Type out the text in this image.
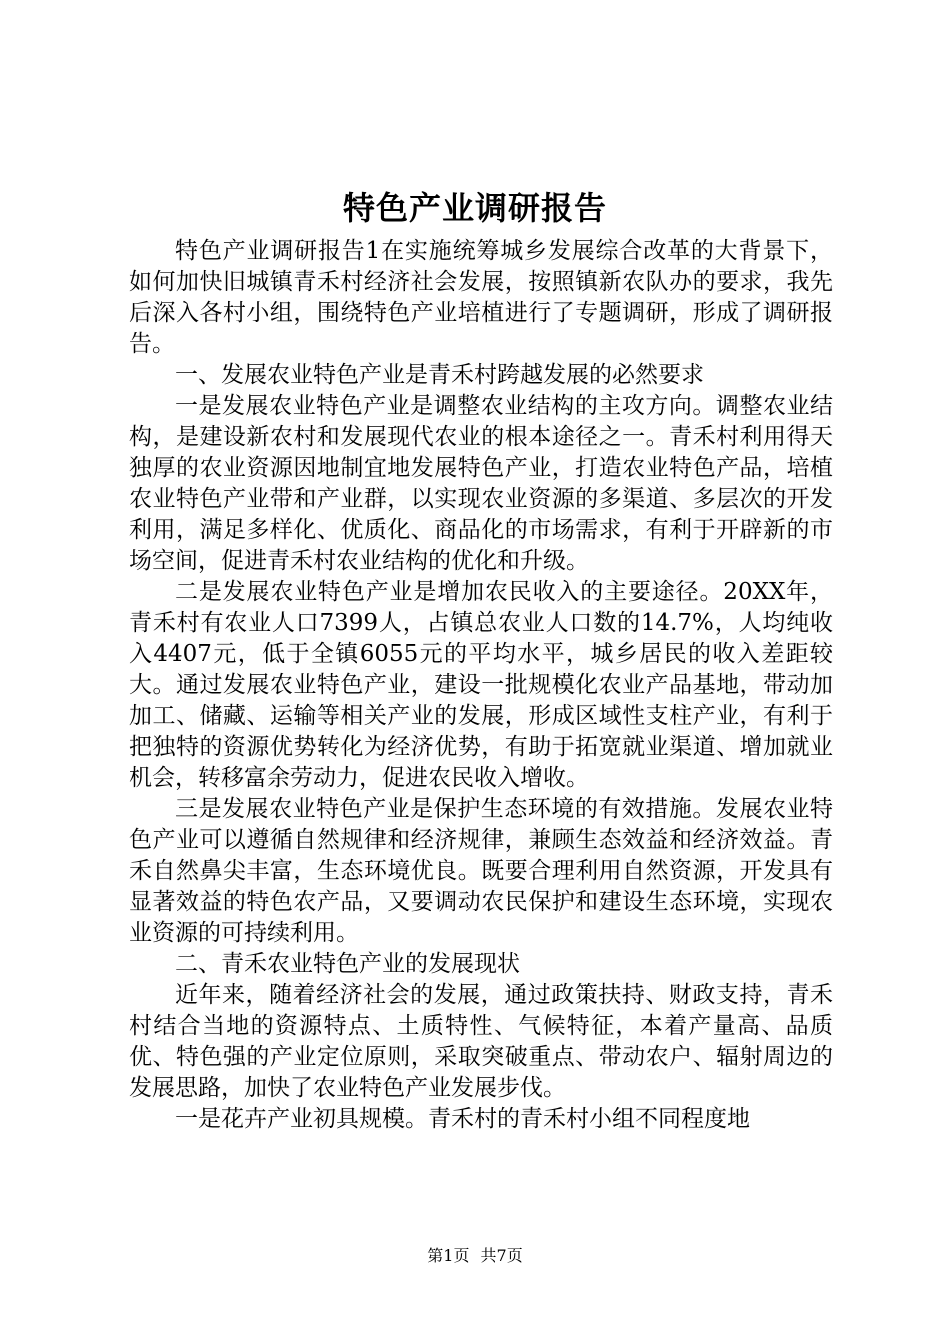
特色产业调研报告

特色产业调研报告1在实施统筹城乡发展综合改革的大背景下，如何加快旧城镇青禾村经济社会发展，按照镇新农队办的要求，我先后深入各村小组，围绕特色产业培植进行了专题调研，形成了调研报告。

一、发展农业特色产业是青禾村跨越发展的必然要求

一是发展农业特色产业是调整农业结构的主攻方向。调整农业结构，是建设新农村和发展现代农业的根本途径之一。青禾村利用得天独厚的农业资源因地制宜地发展特色产业，打造农业特色产品，培植农业特色产业带和产业群，以实现农业资源的多渠道、多层次的开发利用，满足多样化、优质化、商品化的市场需求，有利于开辟新的市场空间，促进青禾村农业结构的优化和升级。

二是发展农业特色产业是增加农民收入的主要途径。20XX年，青禾村有农业人口7399人，占镇总农业人口数的14.7%，人均纯收入4407元，低于全镇6055元的平均水平，城乡居民的收入差距较大。通过发展农业特色产业，建设一批规模化农业产品基地，带动加加工、储藏、运输等相关产业的发展，形成区域性支柱产业，有利于把独特的资源优势转化为经济优势，有助于拓宽就业渠道、增加就业机会，转移富余劳动力，促进农民收入增收。

三是发展农业特色产业是保护生态环境的有效措施。发展农业特色产业可以遵循自然规律和经济规律，兼顾生态效益和经济效益。青禾自然鼻尖丰富，生态环境优良。既要合理利用自然资源，开发具有显著效益的特色农产品，又要调动农民保护和建设生态环境，实现农业资源的可持续利用。

二、青禾农业特色产业的发展现状

近年来，随着经济社会的发展，通过政策扶持、财政支持，青禾村结合当地的资源特点、土质特性、气候特征，本着产量高、品质优、特色强的产业定位原则，采取突破重点、带动农户、辐射周边的发展思路，加快了农业特色产业发展步伐。

一是花卉产业初具规模。青禾村的青禾村小组不同程度地

第1页 共7页
